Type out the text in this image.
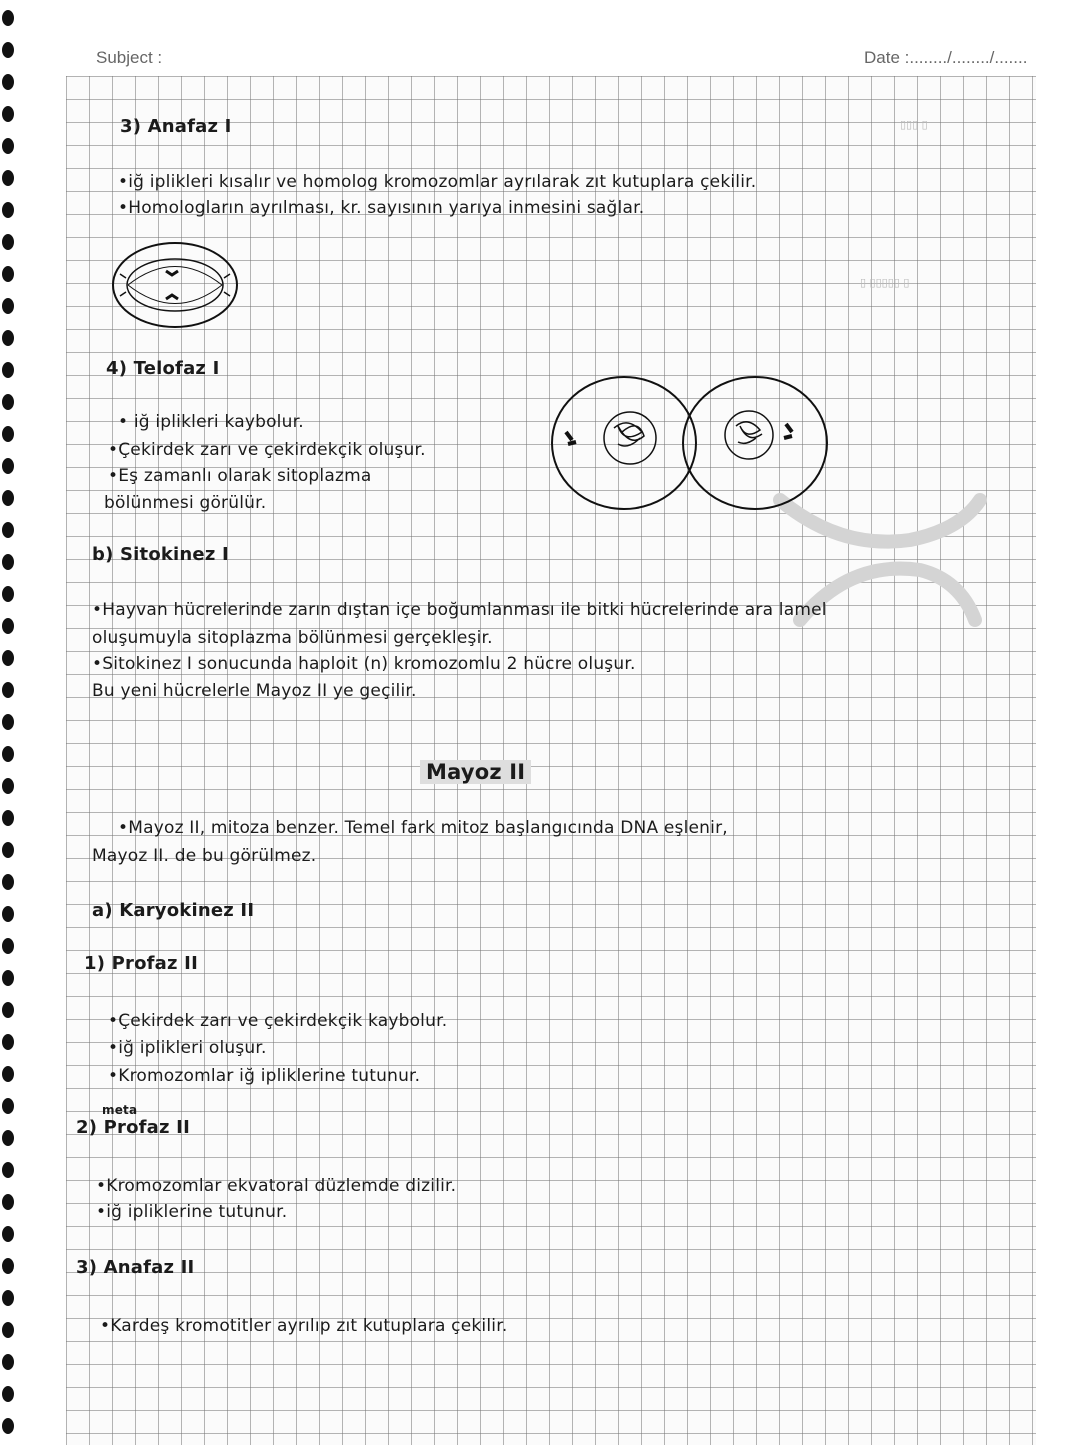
Subject :	Date :......../......../.......
▯▯▯ ▯
▯ ▯▯▯▯▯ ▯
3) Anafaz I
•iğ iplikleri kısalır ve homolog kromozomlar ayrılarak zıt kutuplara çekilir.
•Homologların ayrılması, kr. sayısının yarıya inmesini sağlar.
4) Telofaz I
• iğ iplikleri kaybolur.
•Çekirdek zarı ve çekirdekçik oluşur.
•Eş zamanlı olarak sitoplazma
bölünmesi görülür.
b) Sitokinez I
•Hayvan hücrelerinde zarın dıştan içe boğumlanması ile bitki hücrelerinde ara lamel
oluşumuyla sitoplazma bölünmesi gerçekleşir.
•Sitokinez I sonucunda haploit (n) kromozomlu 2 hücre oluşur.
Bu yeni hücrelerle Mayoz II ye geçilir.
Mayoz II
•Mayoz II, mitoza benzer. Temel fark mitoz başlangıcında DNA eşlenir,
Mayoz II. de bu görülmez.
a) Karyokinez II
1) Profaz II
•Çekirdek zarı ve çekirdekçik kaybolur.
•iğ iplikleri oluşur.
•Kromozomlar iğ ipliklerine tutunur.
meta
2) Profaz II
•Kromozomlar ekvatoral düzlemde dizilir.
•iğ ipliklerine tutunur.
3) Anafaz II
•Kardeş kromotitler ayrılıp zıt kutuplara çekilir.
